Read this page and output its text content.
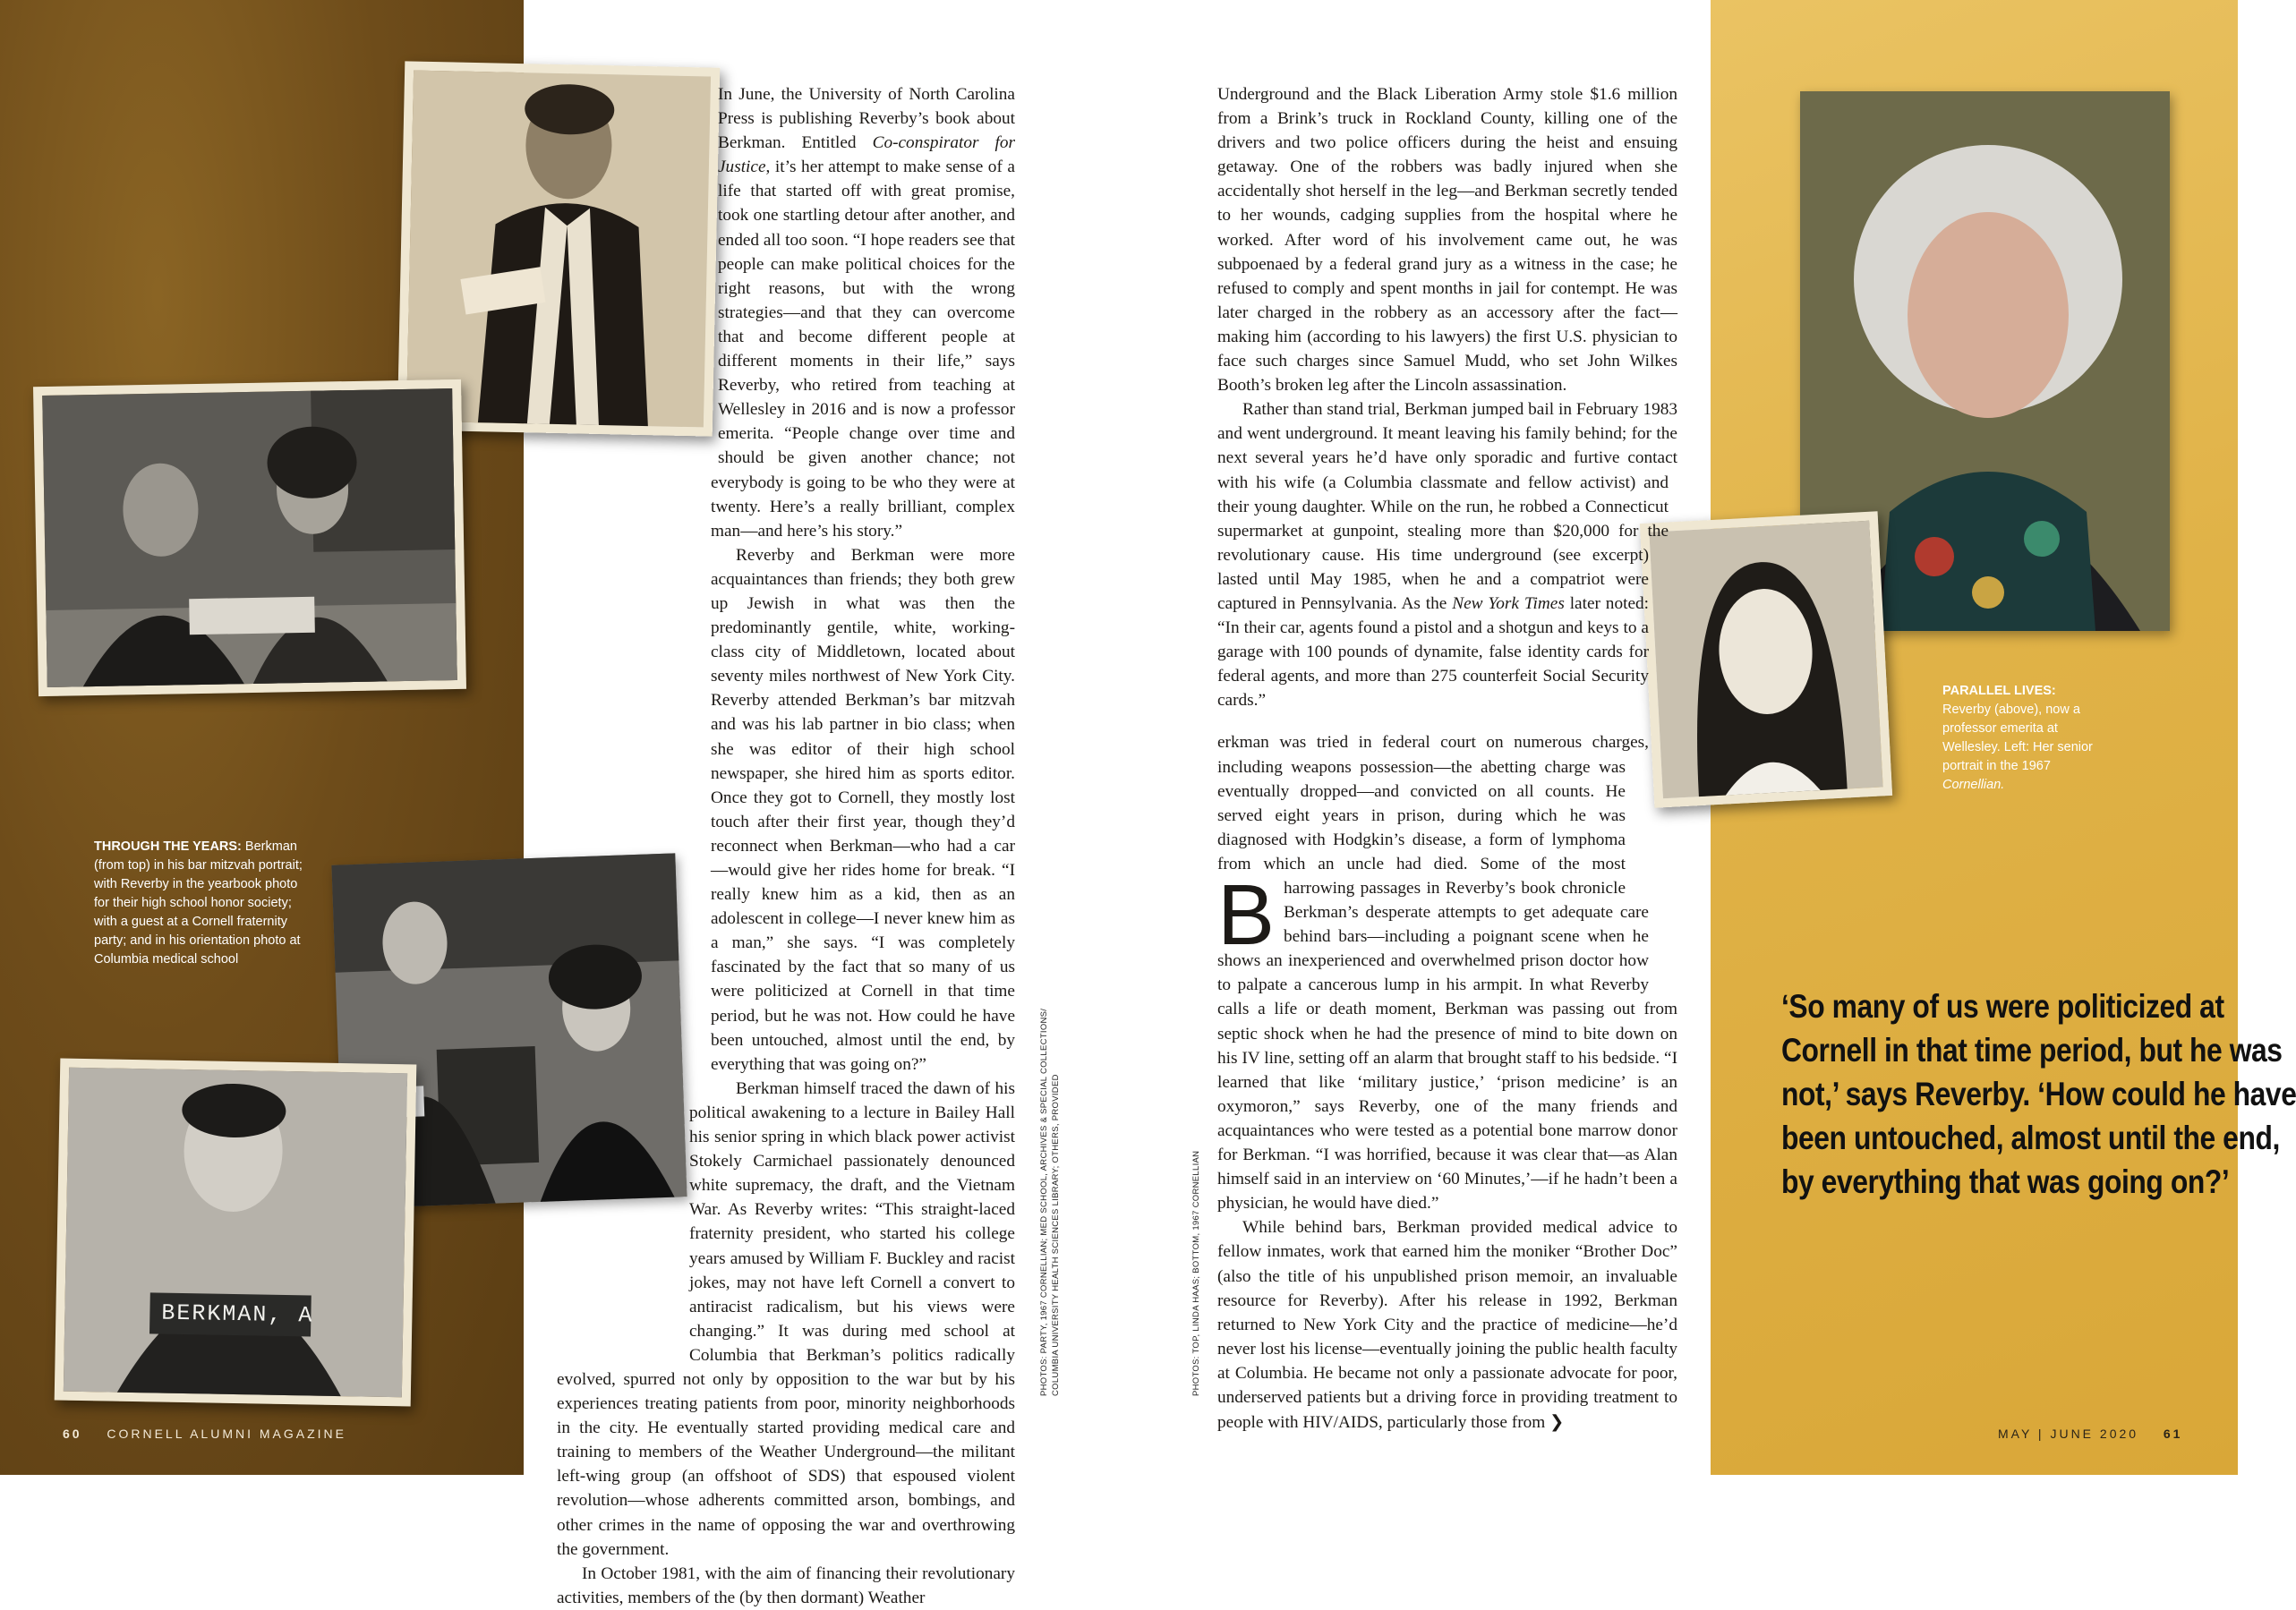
BERKMAN, A
THROUGH THE YEARS: Berkman (from top) in his bar mitzvah portrait; with Reverby in the yearbook photo for their high school honor society; with a guest at a Cornell fraternity party; and in his orientation photo at Columbia medical school
PARALLEL LIVES: Reverby (above), now a professor emerita at Wellesley. Left: Her senior portrait in the 1967 Cornellian.
‘So many of us were politicized at
Cornell in that time period, but he was
not,’ says Reverby. ‘How could he have
been untouched, almost until the end,
by everything that was going on?’

In June, the University of North Carolina Press is publishing Reverby’s book about Berkman. Entitled Co-conspirator for Justice, it’s her attempt to make sense of a life that started off with great promise, took one startling detour after another, and ended all too soon. “I hope readers see that people can make political choices for the right reasons, but with the wrong strategies—and that they can overcome that and become different people at different moments in their life,” says Reverby, who retired from teaching at Wellesley in 2016 and is now a professor emerita. “People change over time and should be given another chance; not everybody is going to be who they were at twenty. Here’s a really brilliant, complex man—and here’s his story.”

Reverby and Berkman were more acquaintances than friends; they both grew up Jewish in what was then the predominantly gentile, white, working-class city of Middletown, located about seventy miles northwest of New York City. Reverby attended Berkman’s bar mitzvah and was his lab partner in bio class; when she was editor of their high school newspaper, she hired him as sports editor. Once they got to Cornell, they mostly lost touch after their first year, though they’d reconnect when Berkman—who had a car—would give her rides home for break. “I really knew him as a kid, then as an adolescent in college—I never knew him as a man,” she says. “I was completely fascinated by the fact that so many of us were politicized at Cornell in that time period, but he was not. How could he have been untouched, almost until the end, by everything that was going on?”

Berkman himself traced the dawn of his political awakening to a lecture in Bailey Hall his senior spring in which black power activist Stokely Carmichael passionately denounced white supremacy, the draft, and the Vietnam War. As Reverby writes: “This straight-laced fraternity president, who started his college years amused by William F. Buckley and racist jokes, may not have left Cornell a convert to antiracist radicalism, but his views were changing.” It was during med school at Columbia that Berkman’s politics radically evolved, spurred not only by opposition to the war but by his experiences treating patients from poor, minority neighborhoods in the city. He eventually started providing medical care and training to members of the Weather Underground—the militant left-wing group (an offshoot of SDS) that espoused violent revolution—whose adherents committed arson, bombings, and other crimes in the name of opposing the war and overthrowing the government.

In October 1981, with the aim of financing their revolutionary activities, members of the (by then dormant) Weather

Underground and the Black Liberation Army stole $1.6 million from a Brink’s truck in Rockland County, killing one of the drivers and two police officers during the heist and ensuing getaway. One of the robbers was badly injured when she accidentally shot herself in the leg—and Berkman secretly tended to her wounds, cadging supplies from the hospital where he worked. After word of his involvement came out, he was subpoenaed by a federal grand jury as a witness in the case; he refused to comply and spent months in jail for contempt. He was later charged in the robbery as an accessory after the fact—making him (according to his lawyers) the first U.S. physician to face such charges since Samuel Mudd, who set John Wilkes Booth’s broken leg after the Lincoln assassination.

Rather than stand trial, Berkman jumped bail in February 1983 and went underground. It meant leaving his family behind; for the next several years he’d have only sporadic and furtive contact with his wife (a Columbia classmate and fellow activist) and their young daughter. While on the run, he robbed a Connecticut supermarket at gunpoint, stealing more than $20,000 for the revolutionary cause. His time underground (see excerpt) lasted until May 1985, when he and a compatriot were captured in Pennsylvania. As the New York Times later noted: “In their car, agents found a pistol and a shotgun and keys to a garage with 100 pounds of dynamite, false identity cards for federal agents, and more than 275 counterfeit Social Security cards.”

B
erkman was tried in federal court on numerous charges, including weapons possession—the abetting charge was eventually dropped—and convicted on all counts. He served eight years in prison, during which he was diagnosed with Hodgkin’s disease, a form of lymphoma from which an uncle had died. Some of the most harrowing passages in Reverby’s book chronicle Berkman’s desperate attempts to get adequate care behind bars—including a poignant scene when he shows an inexperienced and overwhelmed prison doctor how to palpate a cancerous lump in his armpit. In what Reverby calls a life or death moment, Berkman was passing out from septic shock when he had the presence of mind to bite down on his IV line, setting off an alarm that brought staff to his bedside. “I learned that like ‘military justice,’ ‘prison medicine’ is an oxymoron,” says Reverby, one of the many friends and acquaintances who were tested as a potential bone marrow donor for Berkman. “I was horrified, because it was clear that—as Alan himself said in an interview on ‘60 Minutes,’—if he hadn’t been a physician, he would have died.”

While behind bars, Berkman provided medical advice to fellow inmates, work that earned him the moniker “Brother Doc” (also the title of his unpublished prison memoir, an invaluable resource for Reverby). After his release in 1992, Berkman returned to New York City and the practice of medicine—he’d never lost his license—eventually joining the public health faculty at Columbia. He became not only a passionate advocate for poor, underserved patients but a driving force in providing treatment to people with HIV/AIDS, particularly those from ❯

PHOTOS: PARTY, 1967 CORNELLIAN; MED SCHOOL, ARCHIVES & SPECIAL COLLECTIONS/ COLUMBIA UNIVERSITY HEALTH SCIENCES LIBRARY; OTHERS, PROVIDED	PHOTOS: TOP, LINDA HAAS; BOTTOM, 1967 CORNELLIAN
60 CORNELL ALUMNI MAGAZINE	MAY | JUNE 2020 61
